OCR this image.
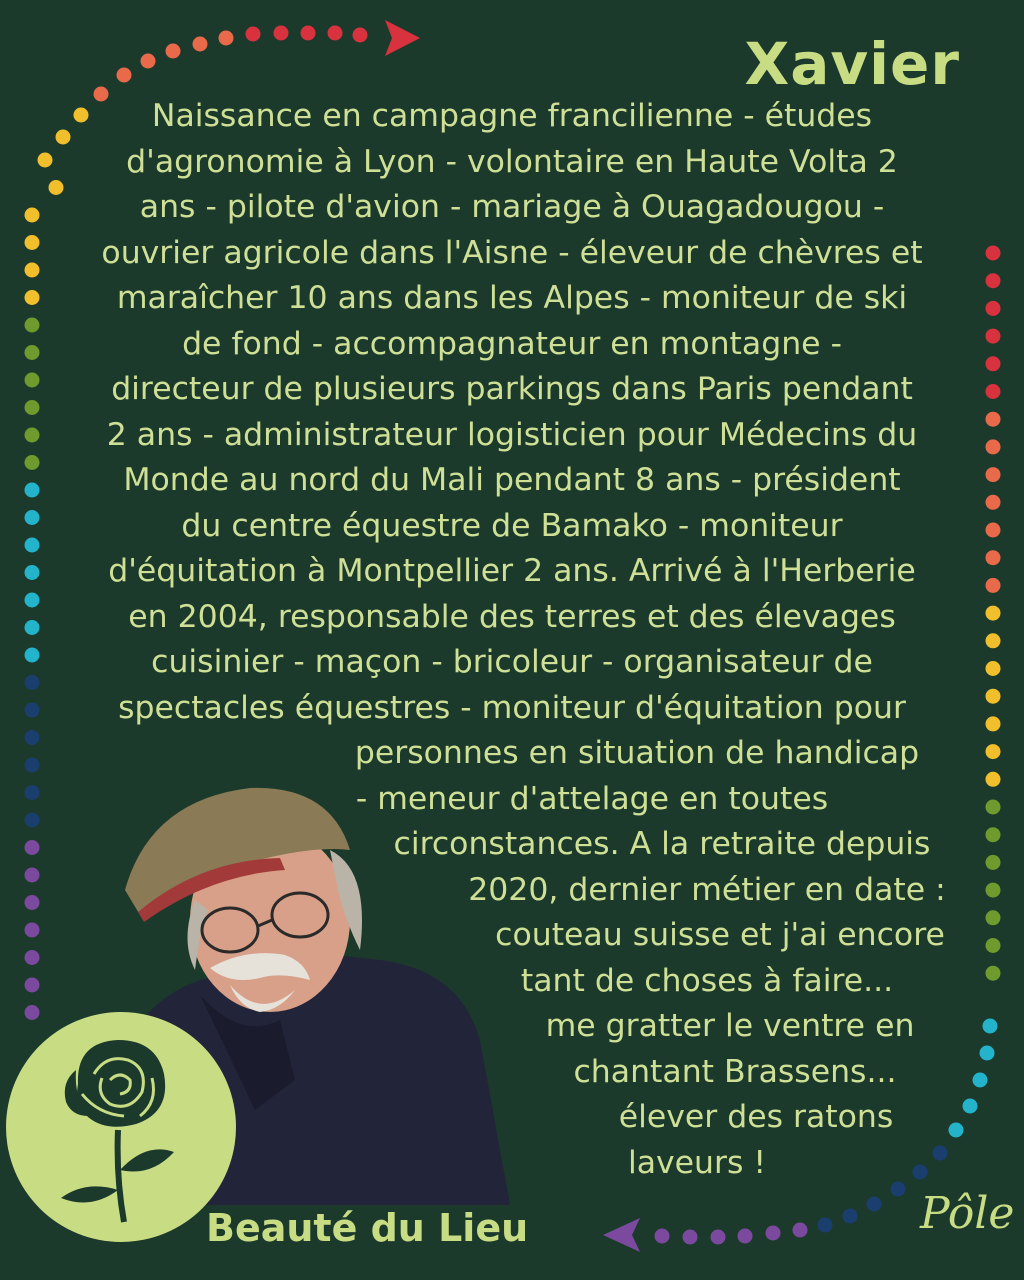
Xavier
Naissance en campagne francilienne - études
d'agronomie à Lyon - volontaire en Haute Volta 2
ans - pilote d'avion - mariage à Ouagadougou -
ouvrier agricole dans l'Aisne - éleveur de chèvres et
maraîcher 10 ans dans les Alpes - moniteur de ski
de fond - accompagnateur en montagne -
directeur de plusieurs parkings dans Paris pendant
2 ans - administrateur logisticien pour Médecins du
Monde au nord du Mali pendant 8 ans - président
du centre équestre de Bamako - moniteur
d'équitation à Montpellier 2 ans. Arrivé à l'Herberie
en 2004, responsable des terres et des élevages
cuisinier - maçon - bricoleur - organisateur de
spectacles équestres - moniteur d'équitation pour
personnes en situation de handicap
- meneur d'attelage en toutes
circonstances. A la retraite depuis
2020, dernier métier en date :
couteau suisse et j'ai encore
tant de choses à faire...
me gratter le ventre en
chantant Brassens...
élever des ratons
laveurs !
Beauté du Lieu	Pôle
